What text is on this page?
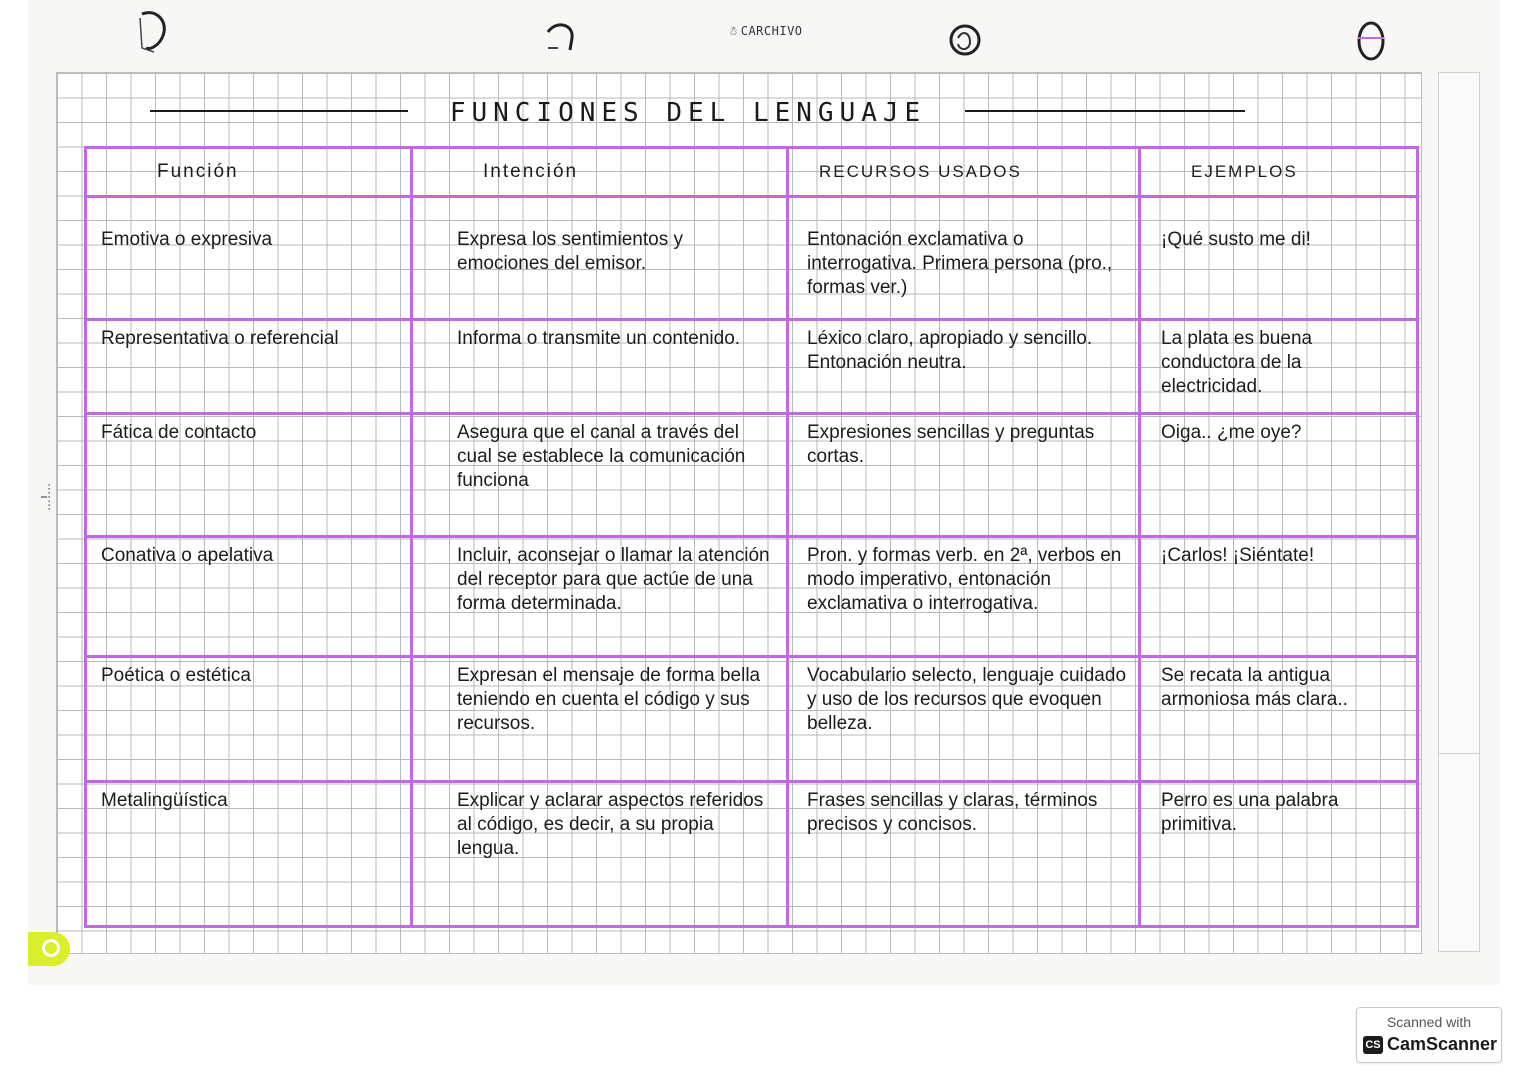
☃ CARCHIVO
FUNCIONES DEL LENGUAJE
Función	Intención	RECURSOS USADOS	EJEMPLOS

Emotiva o expresiva	Expresa los sentimientos y emociones del emisor.	Entonación exclamativa o interrogativa. Primera persona (pro., formas ver.)	¡Qué susto me di!

Representativa o referencial	Informa o transmite un contenido.	Léxico claro, apropiado y sencillo. Entonación neutra.	La plata es buena conductora de la electricidad.

Fática de contacto	Asegura que el canal a través del cual se establece la comunicación funciona	Expresiones sencillas y preguntas cortas.	Oiga.. ¿me oye?

Conativa o apelativa	Incluir, aconsejar o llamar la atención del receptor para que actúe de una forma determinada.	Pron. y formas verb. en 2ª, verbos en modo imperativo, entonación exclamativa o interrogativa.	¡Carlos! ¡Siéntate!

Poética o estética	Expresan el mensaje de forma bella teniendo en cuenta el código y sus recursos.	Vocabulario selecto, lenguaje cuidado y uso de los recursos que evoquen belleza.	Se recata la antigua armoniosa más clara..

Metalingüística	Explicar y aclarar aspectos referidos al código, es decir, a su propia lengua.	Frases sencillas y claras, términos precisos y concisos.	Perro es una palabra primitiva.
...!...
Scanned with
CS CamScanner
